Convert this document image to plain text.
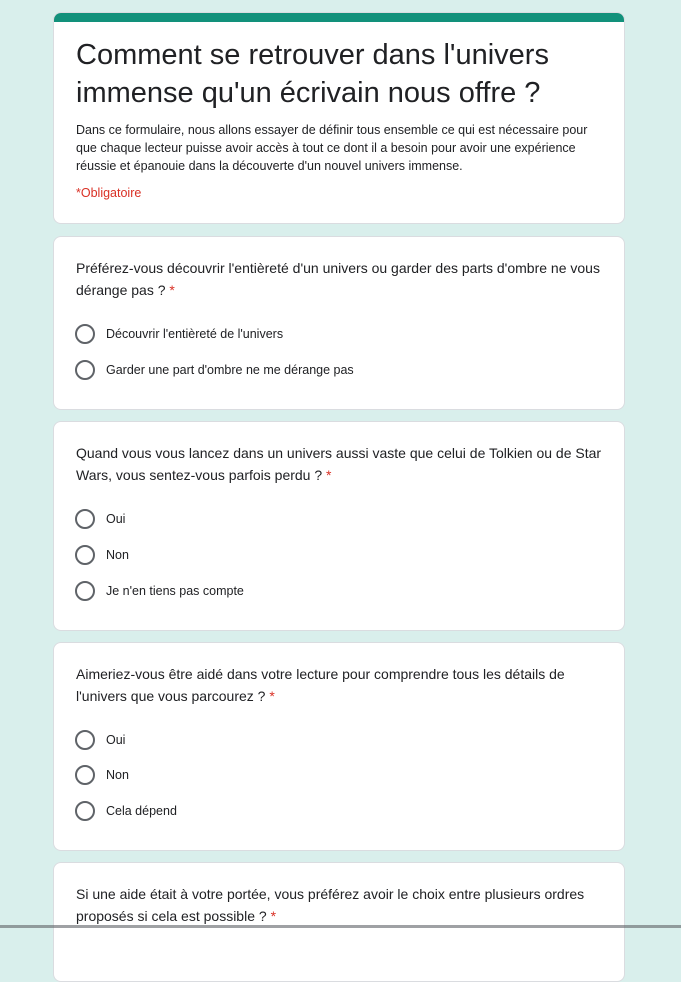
Comment se retrouver dans l'univers immense qu'un écrivain nous offre ?

Dans ce formulaire, nous allons essayer de définir tous ensemble ce qui est nécessaire pour que chaque lecteur puisse avoir accès à tout ce dont il a besoin pour avoir une expérience réussie et épanouie dans la découverte d'un nouvel univers immense.

*Obligatoire

Préférez-vous découvrir l'entièreté d'un univers ou garder des parts d'ombre ne vous dérange pas ? *

Découvrir l'entièreté de l'univers
Garder une part d'ombre ne me dérange pas

Quand vous vous lancez dans un univers aussi vaste que celui de Tolkien ou de Star Wars, vous sentez-vous parfois perdu ? *

Oui
Non
Je n'en tiens pas compte

Aimeriez-vous être aidé dans votre lecture pour comprendre tous les détails de l'univers que vous parcourez ? *

Oui
Non
Cela dépend

Si une aide était à votre portée, vous préférez avoir le choix entre plusieurs ordres proposés si cela est possible ? *
